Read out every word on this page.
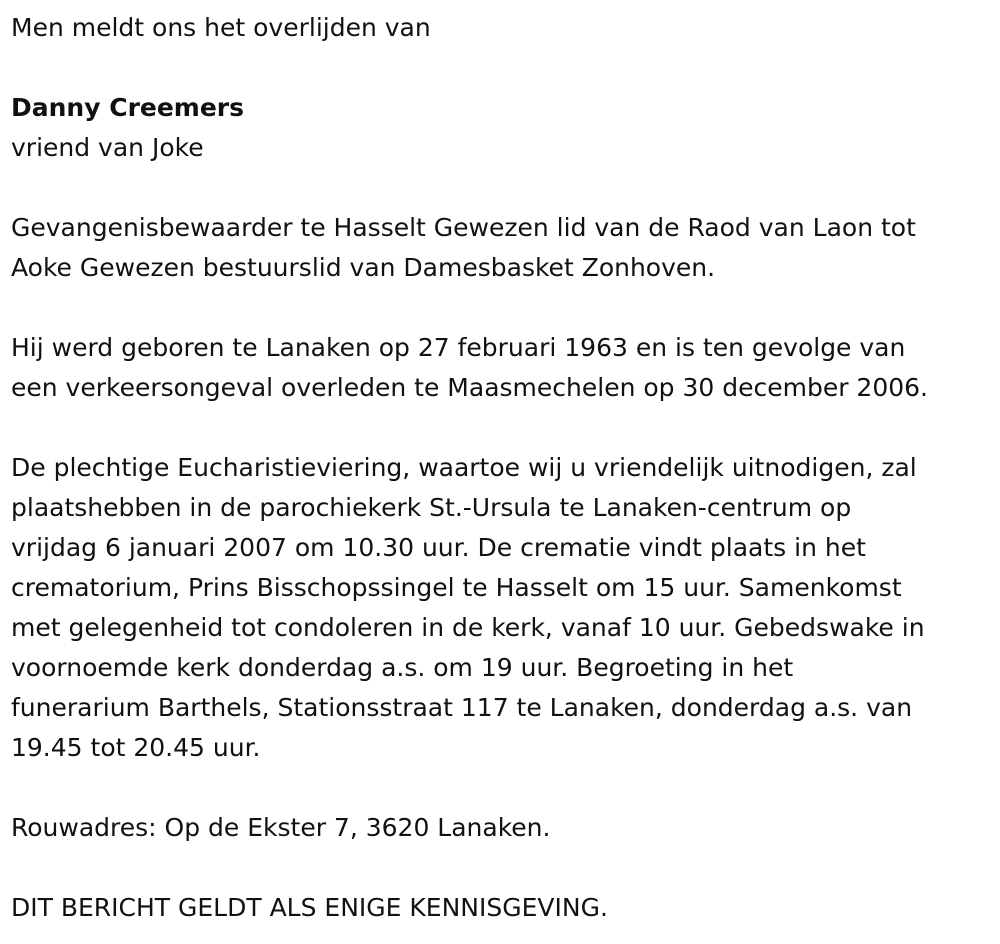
Men meldt ons het overlijden van

Danny Creemers

vriend van Joke

Gevangenisbewaarder te Hasselt Gewezen lid van de Raod van Laon tot
Aoke Gewezen bestuurslid van Damesbasket Zonhoven.

Hij werd geboren te Lanaken op 27 februari 1963 en is ten gevolge van
een verkeersongeval overleden te Maasmechelen op 30 december 2006.

De plechtige Eucharistieviering, waartoe wij u vriendelijk uitnodigen, zal
plaatshebben in de parochiekerk St.-Ursula te Lanaken-centrum op
vrijdag 6 januari 2007 om 10.30 uur. De crematie vindt plaats in het
crematorium, Prins Bisschopssingel te Hasselt om 15 uur. Samenkomst
met gelegenheid tot condoleren in de kerk, vanaf 10 uur. Gebedswake in
voornoemde kerk donderdag a.s. om 19 uur. Begroeting in het
funerarium Barthels, Stationsstraat 117 te Lanaken, donderdag a.s. van
19.45 tot 20.45 uur.

Rouwadres: Op de Ekster 7, 3620 Lanaken.

DIT BERICHT GELDT ALS ENIGE KENNISGEVING.
